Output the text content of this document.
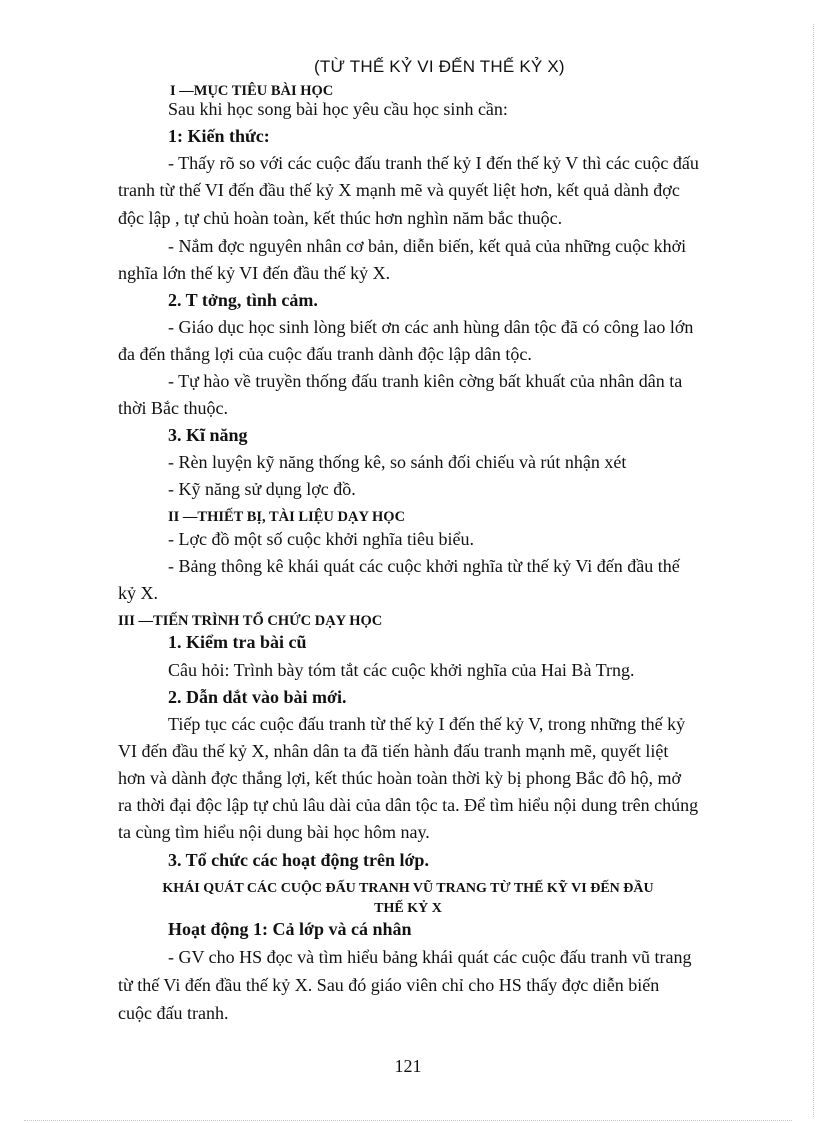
(TỪ THẾ KỶ VI ĐẾN THẾ KỶ X)
I —MỤC TIÊU BÀI HỌC
Sau khi học song bài học yêu cầu học sinh cần:
1: Kiến thức:
- Thấy rõ so với các cuộc đấu tranh thế kỷ I đến thế kỷ V thì các cuộc đấu
tranh từ thế VI đến đầu thế kỷ X mạnh mẽ và quyết liệt hơn, kết quả dành đợc
độc lập , tự chủ hoàn toàn, kết thúc hơn nghìn năm bắc thuộc.
- Nắm đợc nguyên nhân cơ bản, diễn biến, kết quả của những cuộc khởi
nghĩa lớn thế kỷ VI đến đầu thế kỷ X.
2. T tởng, tình cảm.
- Giáo dục học sinh lòng biết ơn các anh hùng dân tộc đã có công lao lớn
đa đến thắng lợi của cuộc đấu tranh dành độc lập dân tộc.
- Tự hào về truyền thống đấu tranh kiên cờng bất khuất của nhân dân ta
thời Bắc thuộc.
3. Kĩ năng
- Rèn luyện kỹ năng thống kê, so sánh đối chiếu và rút nhận xét
- Kỹ năng sử dụng lợc đồ.
II —THIẾT BỊ, TÀI LIỆU DẠY HỌC
- Lợc đồ một số cuộc khởi nghĩa tiêu biểu.
- Bảng thông kê khái quát các cuộc khởi nghĩa từ thế kỷ Vi đến đầu thế
kỷ X.
III —TIẾN TRÌNH TỔ CHỨC DẠY HỌC
1. Kiểm tra bài cũ
Câu hỏi: Trình bày tóm tắt các cuộc khởi nghĩa của Hai Bà Trng.
2. Dẫn dắt vào bài mới.
Tiếp tục các cuộc đấu tranh từ thế kỷ I đến thế kỷ V, trong những thế kỷ
VI đến đầu thế kỷ X, nhân dân ta đã tiến hành đấu tranh mạnh mẽ, quyết liệt
hơn và dành đợc thắng lợi, kết thúc hoàn toàn thời kỳ bị phong Bắc đô hộ, mở
ra thời đại độc lập tự chủ lâu dài của dân tộc ta. Để tìm hiểu nội dung trên chúng
ta cùng tìm hiểu nội dung bài học hôm nay.
3. Tổ chức các hoạt động trên lớp.
KHÁI QUÁT CÁC CUỘC ĐẤU TRANH VŨ TRANG TỪ THẾ KỸ VI ĐẾN ĐẦU
THẾ KỶ X
Hoạt động 1: Cả lớp và cá nhân
- GV cho HS đọc và tìm hiểu bảng khái quát các cuộc đấu tranh vũ trang
từ thế Vi đến đầu thế kỷ X. Sau đó giáo viên chỉ cho HS thấy đợc diễn biến
cuộc đấu tranh.
121
